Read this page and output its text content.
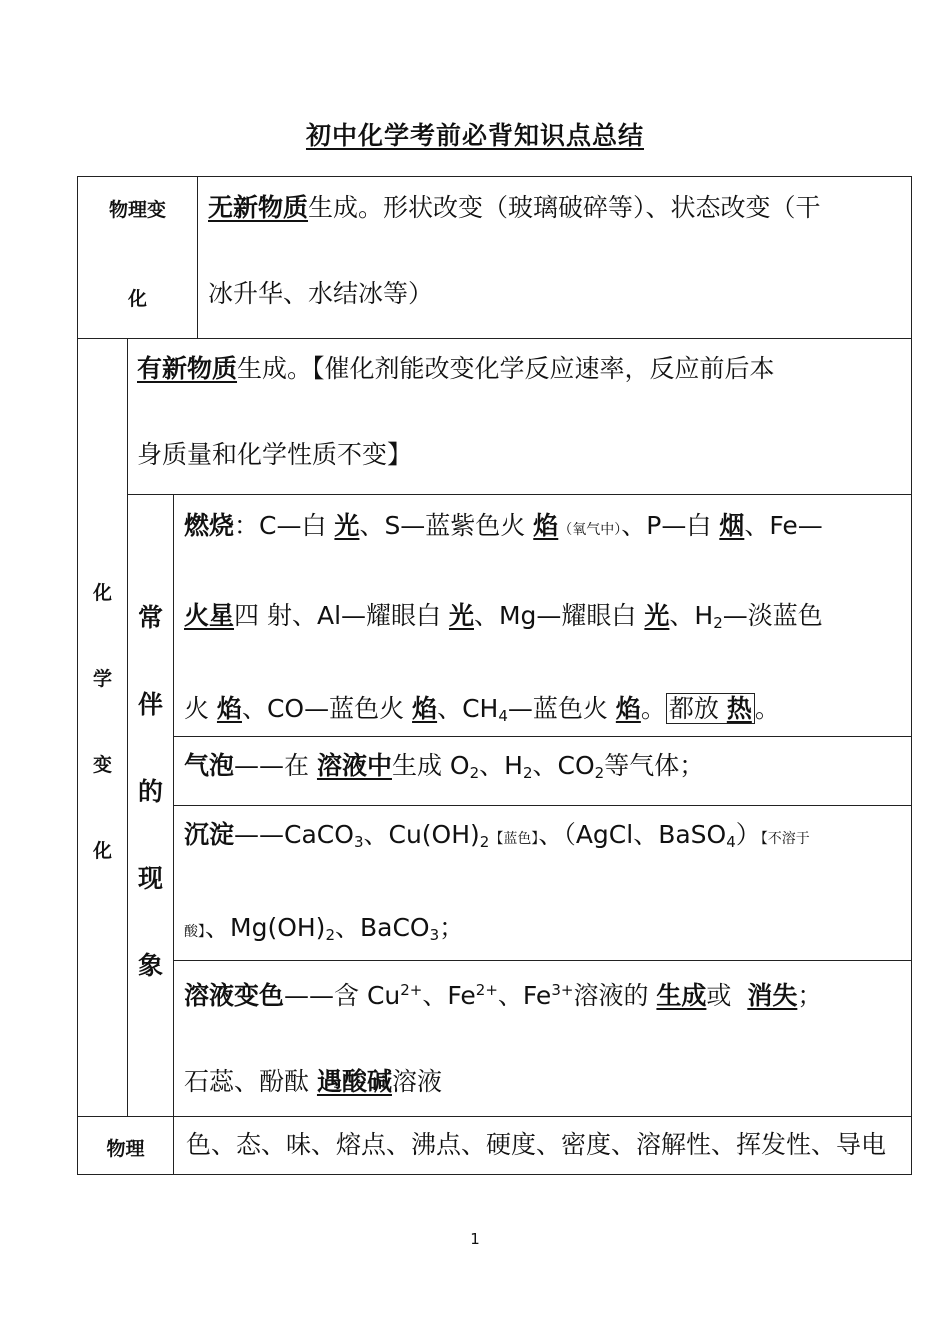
初中化学考前必背知识点总结
物理变
化
无新物质生成。形状改变（玻璃破碎等）、状态改变（干
冰升华、水结冰等）
化
学
变
化
有新物质生成。【催化剂能改变化学反应速率，反应前后本
身质量和化学性质不变】
常
伴
的
现
象
燃烧：C—白 光、S—蓝紫色火 焰（氧气中）、P—白 烟、Fe—
火星四 射、Al—耀眼白 光、Mg—耀眼白 光、$H_2—$淡蓝色
火 焰、CO—蓝色火 焰、$CH_4—$蓝色火 焰。 都放 热 。
气泡——在 溶液中生成 $O_2$、$H_2$、$CO_2$等气体；
沉淀——CaCO$_3$、$Cu(OH)_2$【蓝色】、（AgCl、BaSO$_4$）【不溶于
酸】、$Mg(OH)_2$、BaCO$_3$；
溶液变色——含 $Cu^{2+}$、$Fe^{2+}$、$Fe^{3+}$溶液的 生成或  消失；
石蕊、酚酞 遇酸碱溶液
物理	色、态、味、熔点、沸点、硬度、密度、溶解性、挥发性、导电
1
